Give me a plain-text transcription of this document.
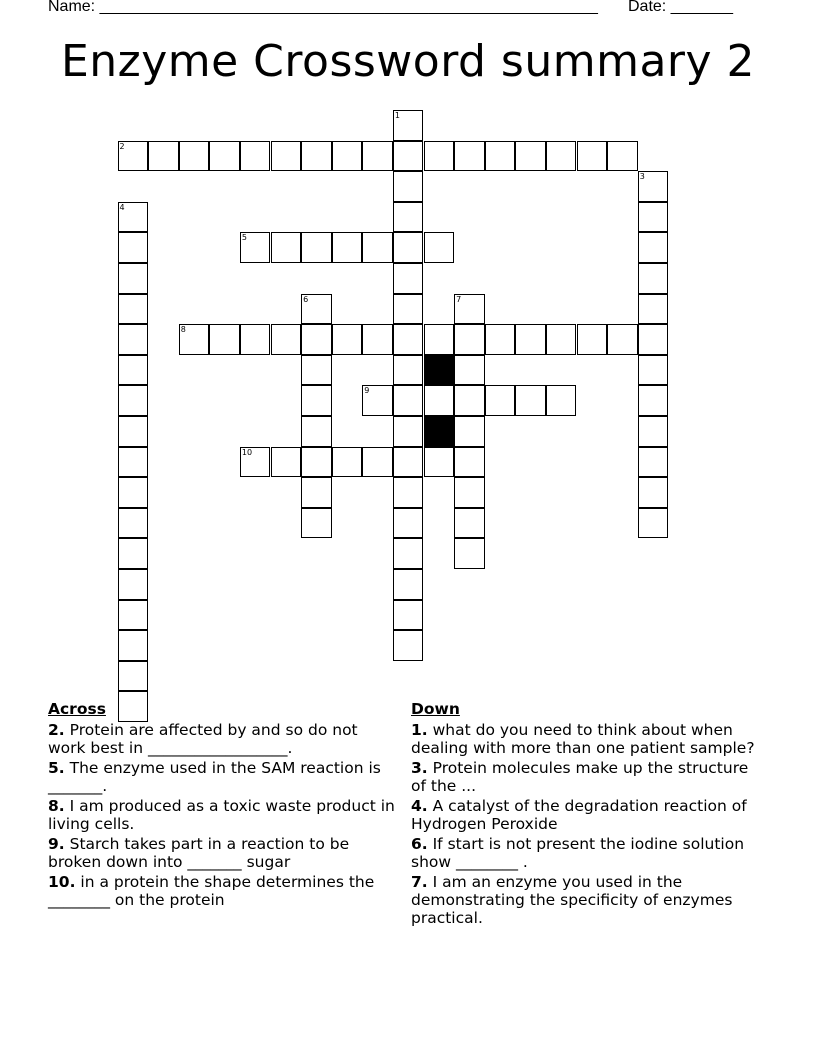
Name: ________________________________________________________

Date: _______

Enzyme Crossword summary 2
1
2
3
4
5
6	7
8
9
10
Across
2. Protein are affected by and so do not work best in __________________.
5. The enzyme used in the SAM reaction is _______.
8. I am produced as a toxic waste product in living cells.
9. Starch takes part in a reaction to be broken down into _______ sugar
10. in a protein the shape determines the ________ on the protein
Down
1. what do you need to think about when dealing with more than one patient sample?
3. Protein molecules make up the structure of the ...
4. A catalyst of the degradation reaction of Hydrogen Peroxide
6. If start is not present the iodine solution show ________ .
7. I am an enzyme you used in the demonstrating the specificity of enzymes practical.
